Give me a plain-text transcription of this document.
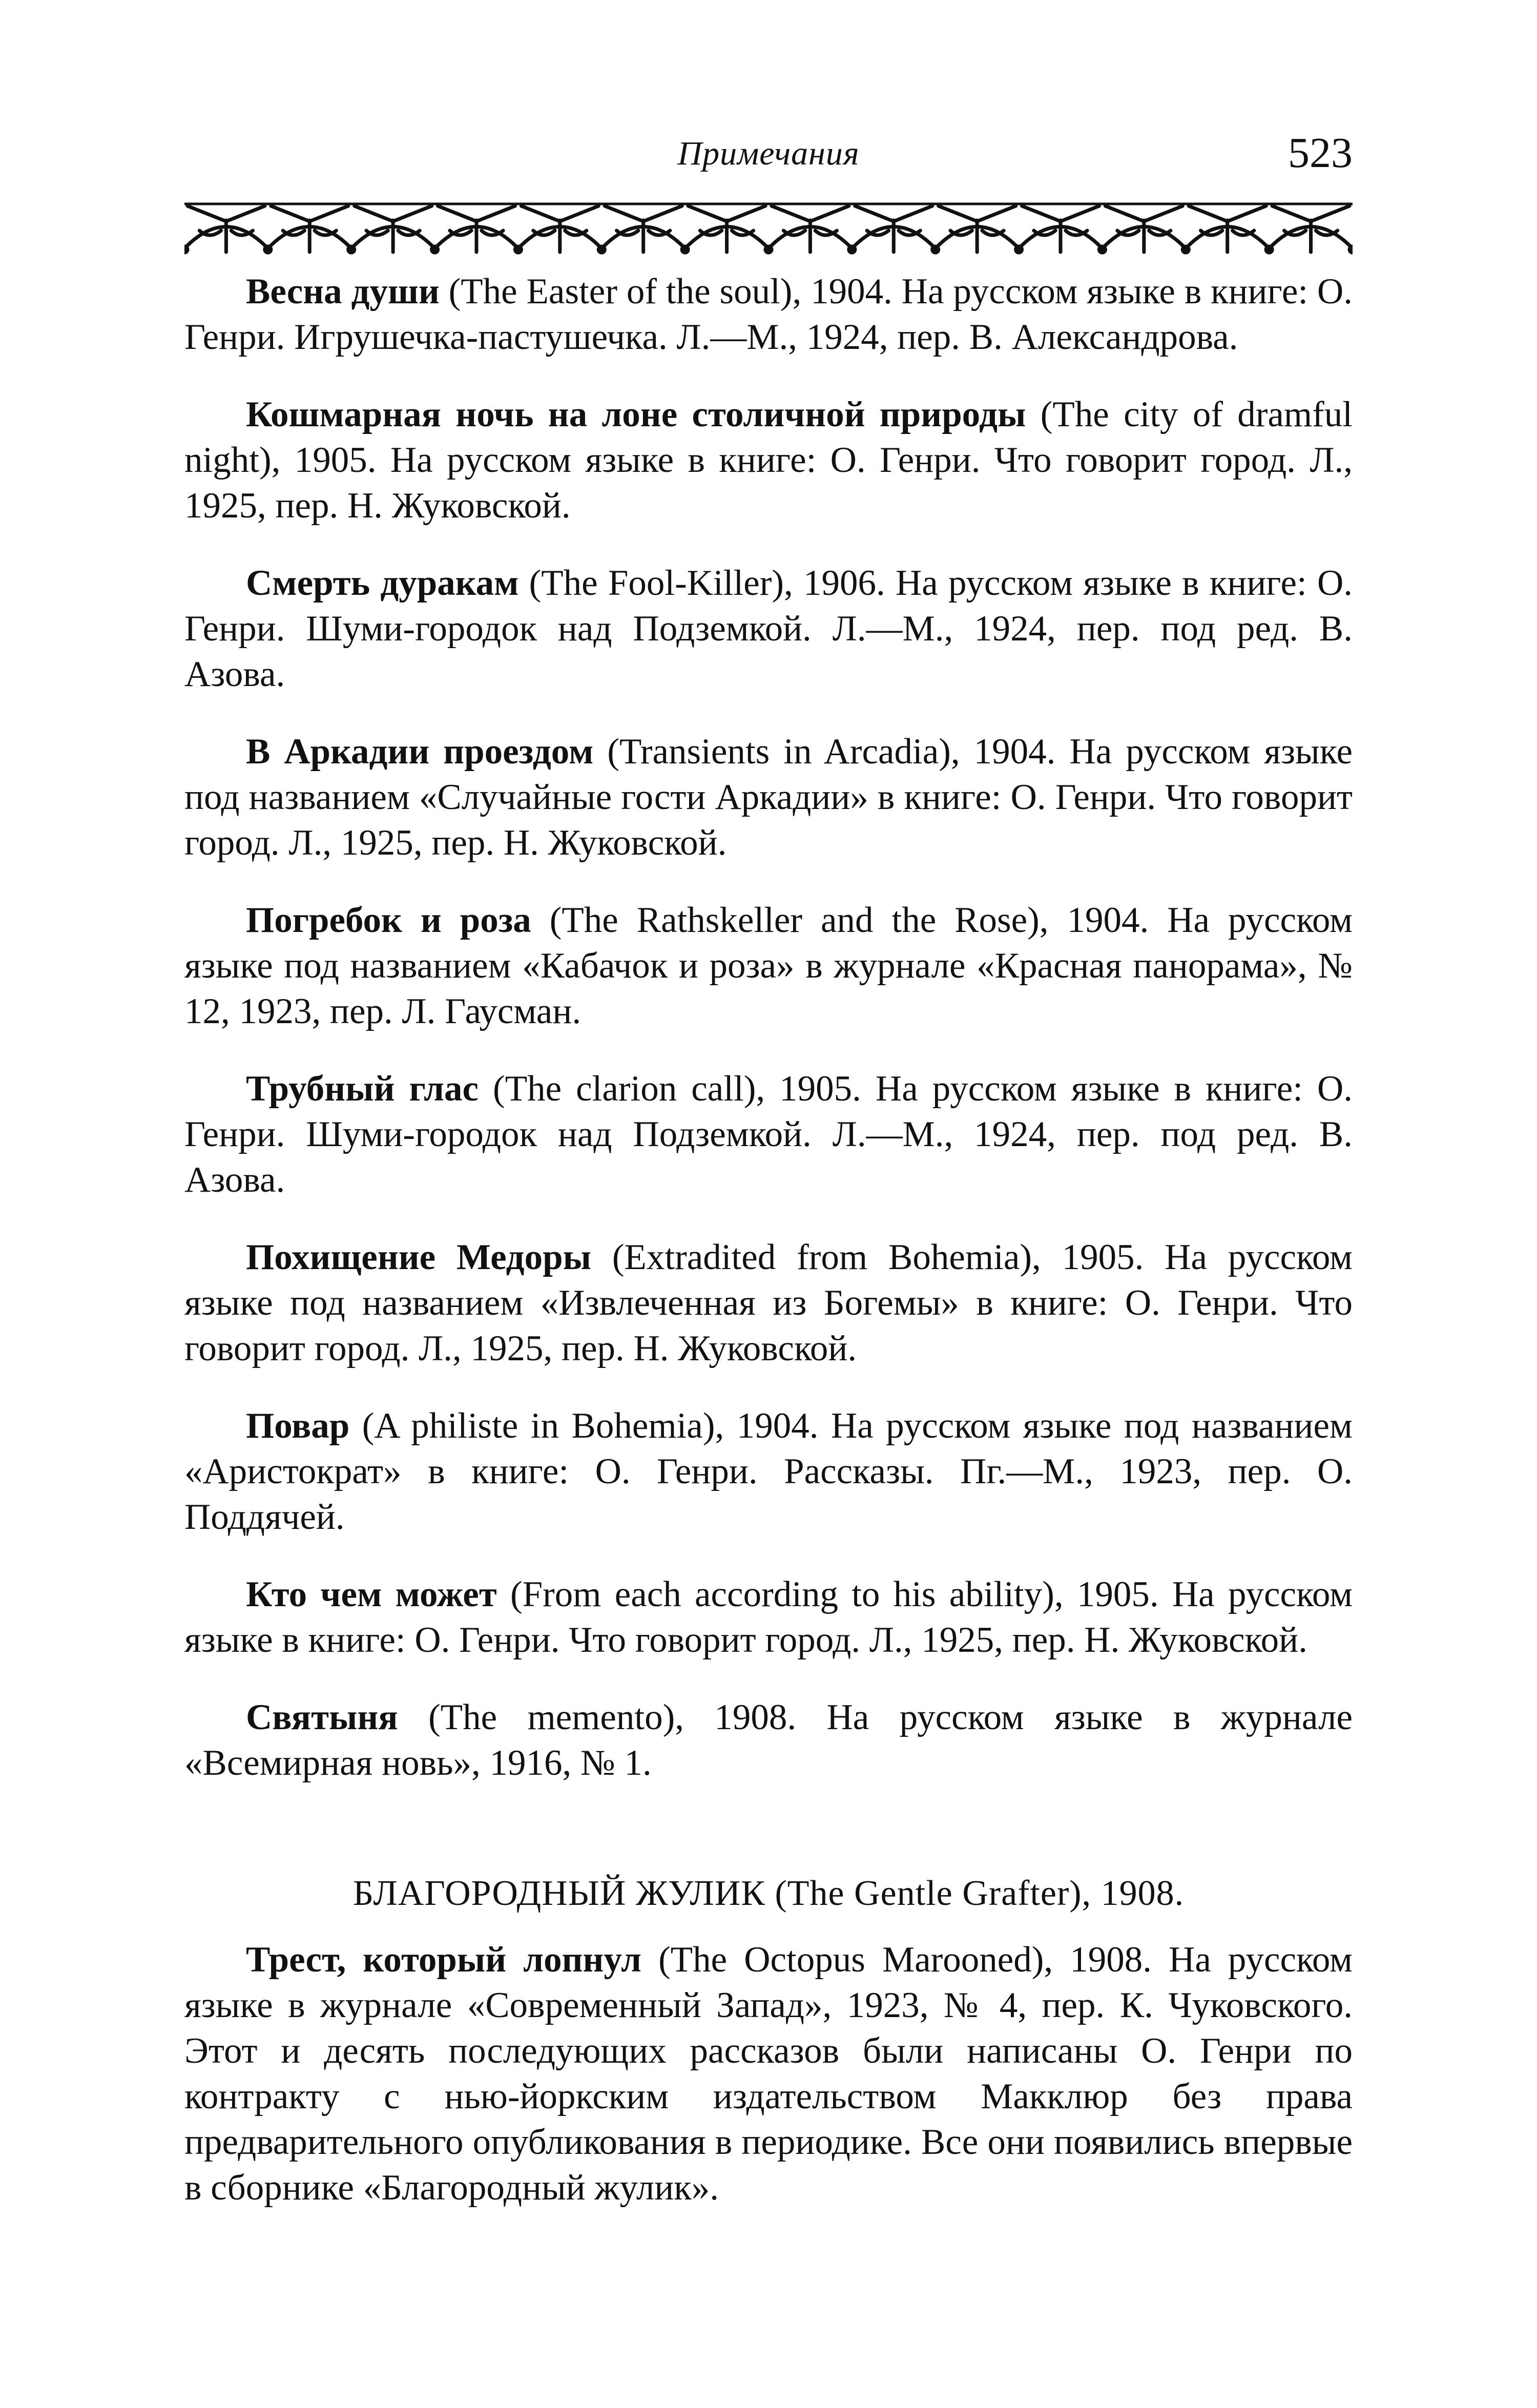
Примечания	523

Весна души (The Easter of the soul), 1904. На русском языке в книге: О. Генри. Игрушечка-пастушечка. Л.—М., 1924, пер. В. Александрова.

Кошмарная ночь на лоне столичной природы (The city of dramful night), 1905. На русском языке в книге: О. Генри. Что говорит город. Л., 1925, пер. Н. Жуковской.

Смерть дуракам (The Fool-Killer), 1906. На русском языке в книге: О. Генри. Шуми-городок над Подземкой. Л.—М., 1924, пер. под ред. В. Азова.

В Аркадии проездом (Transients in Arcadia), 1904. На русском языке под названием «Случайные гости Аркадии» в книге: О. Генри. Что говорит город. Л., 1925, пер. Н. Жуковской.

Погребок и роза (The Rathskeller and the Rose), 1904. На русском языке под названием «Кабачок и роза» в журнале «Красная панорама», № 12, 1923, пер. Л. Гаусман.

Трубный глас (The clarion call), 1905. На русском языке в книге: О. Генри. Шуми-городок над Подземкой. Л.—М., 1924, пер. под ред. В. Азова.

Похищение Медоры (Extradited from Bohemia), 1905. На русском языке под названием «Извлеченная из Богемы» в книге: О. Генри. Что говорит город. Л., 1925, пер. Н. Жуковской.

Повар (A philiste in Bohemia), 1904. На русском языке под названием «Аристократ» в книге: О. Генри. Рассказы. Пг.—М., 1923, пер. О. Поддячей.

Кто чем может (From each according to his ability), 1905. На русском языке в книге: О. Генри. Что говорит город. Л., 1925, пер. Н. Жуковской.

Святыня (The memento), 1908. На русском языке в журнале «Всемирная новь», 1916, № 1.

БЛАГОРОДНЫЙ ЖУЛИК (The Gentle Grafter), 1908.

Трест, который лопнул (The Octopus Marooned), 1908. На русском языке в журнале «Современный Запад», 1923, № 4, пер. К. Чуковского. Этот и десять последующих рассказов были написаны О. Генри по контракту с нью-йоркским издательством Макклюр без права предварительного опубликования в периодике. Все они появились впервые в сборнике «Благородный жулик».
